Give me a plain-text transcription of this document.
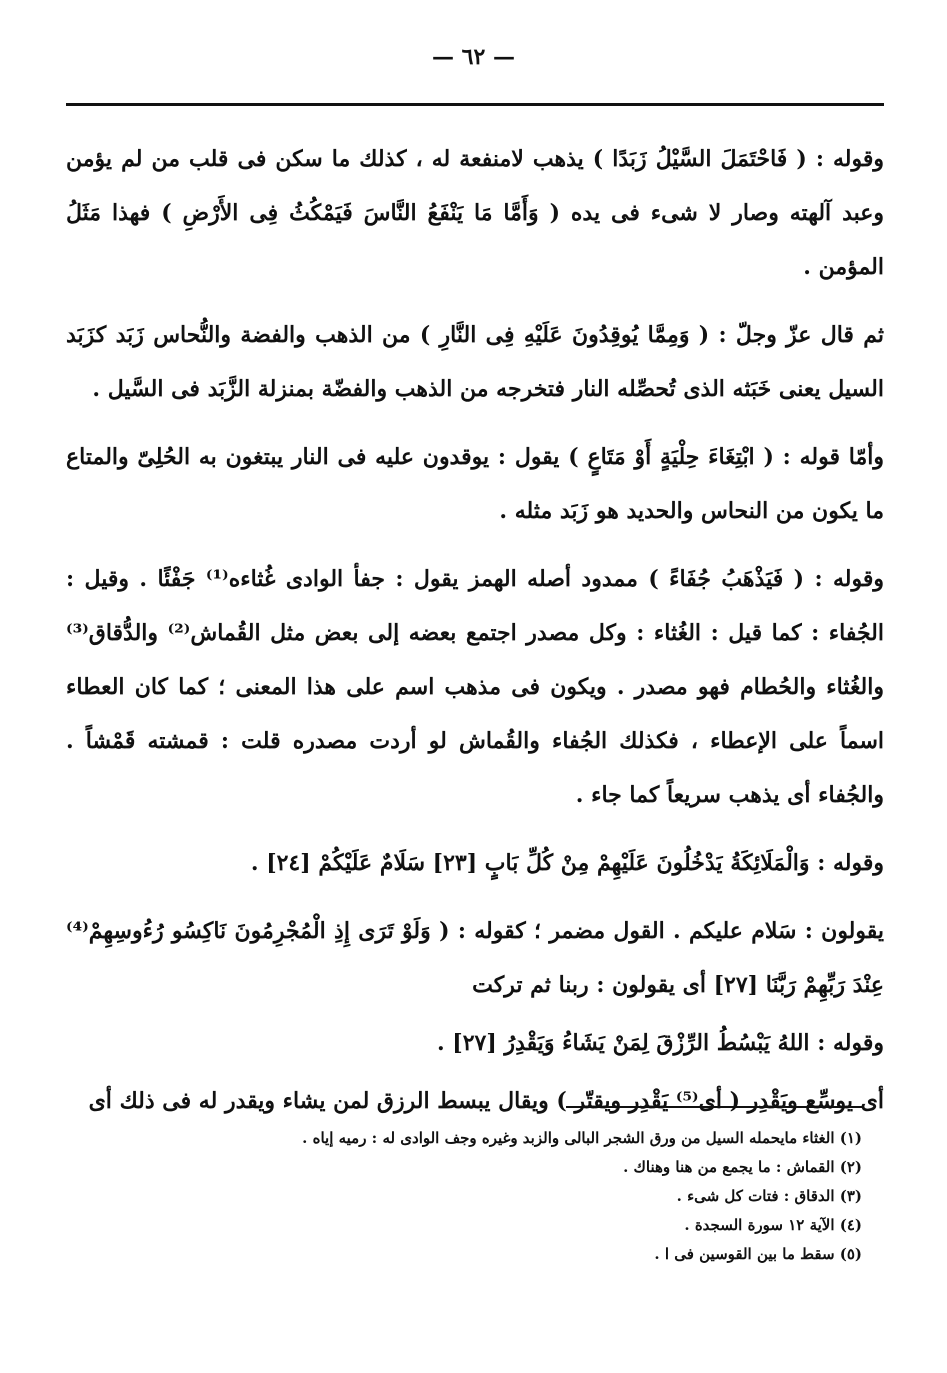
— ٦٢ —

وقوله : ( فَاحْتَمَلَ السَّيْلُ زَبَدًا ) يذهب لامنفعة له ، كذلك ما سكن فى قلب من لم يؤمن وعبد آلهته وصار لا شىء فى يده ( وَأَمَّا مَا يَنْفَعُ النَّاسَ فَيَمْكُثُ فِى الأَرْضِ ) فهذا مَثَلُ المؤمن .

ثم قال عزّ وجلّ : ( وَمِمَّا يُوقِدُونَ عَلَيْهِ فِى النَّارِ ) من الذهب والفضة والنُّحاس زَبَد كزَبَد السيل يعنى خَبَثه الذى تُحصِّله النار فتخرجه من الذهب والفضّة بمنزلة الزَّبَد فى السَّيل .

وأمّا قوله : ( ابْتِغَاءَ حِلْيَةٍ أَوْ مَتَاعٍ ) يقول : يوقدون عليه فى النار يبتغون به الحُلِىّ والمتاع ما يكون من النحاس والحديد هو زَبَد مثله .

وقوله : ( فَيَذْهَبُ جُفَاءً ) ممدود أصله الهمز يقول : جفأ الوادى غُثاءه⁽¹⁾ جَفْئًا . وقيل : الجُفاء : كما قيل : الغُثاء : وكل مصدر اجتمع بعضه إلى بعض مثل القُماش⁽²⁾ والدُّقاق⁽³⁾ والغُثاء والحُطام فهو مصدر . ويكون فى مذهب اسم على هذا المعنى ؛ كما كان العطاء اسماً على الإعطاء ، فكذلك الجُفاء والقُماش لو أردت مصدره قلت : قمشته قَمْشاً . والجُفاء أى يذهب سريعاً كما جاء .

وقوله : وَالْمَلَائِكَةُ يَدْخُلُونَ عَلَيْهِمْ مِنْ كُلِّ بَابٍ [٢٣] سَلَامٌ عَلَيْكُمْ [٢٤] .

يقولون : سَلام عليكم . القول مضمر ؛ كقوله : ( وَلَوْ تَرَى إِذِ الْمُجْرِمُونَ نَاكِسُو رُءُوسِهِمْ⁽⁴⁾ عِنْدَ رَبِّهِمْ رَبَّنَا [٢٧] أى يقولون : ربنا ثم تركت

وقوله : اللهُ يَبْسُطُ الرِّزْقَ لِمَنْ يَشَاءُ وَيَقْدِرُ [٢٧] .

أى يوسِّع ويَقْدِر ( أى⁽⁵⁾ يَقْدِر ويقتّر ) ويقال يبسط الرزق لمن يشاء ويقدر له فى ذلك أى

(١) الغثاء مايحمله السيل من ورق الشجر البالى والزبد وغيره وجف الوادى له : رميه إياه .

(٢) القماش : ما يجمع من هنا وهناك .

(٣) الدقاق : فتات كل شىء .

(٤) الآية ١٢ سورة السجدة .

(٥) سقط ما بين القوسين فى ا .
